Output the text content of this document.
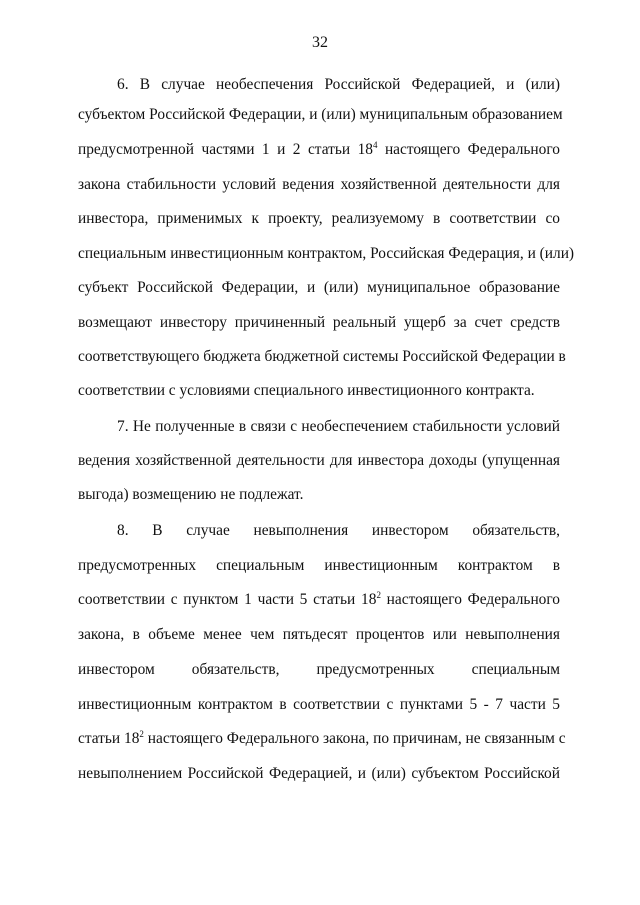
32
6. В случае необеспечения Российской Федерацией, и (или)
субъектом Российской Федерации, и (или) муниципальным образованием
предусмотренной частями 1 и 2 статьи $18^4$ настоящего Федерального
закона стабильности условий ведения хозяйственной деятельности для
инвестора, применимых к проекту, реализуемому в соответствии со
специальным инвестиционным контрактом, Российская Федерация, и (или)
субъект Российской Федерации, и (или) муниципальное образование
возмещают инвестору причиненный реальный ущерб за счет средств
соответствующего бюджета бюджетной системы Российской Федерации в
соответствии с условиями специального инвестиционного контракта.
7. Не полученные в связи с необеспечением стабильности условий
ведения хозяйственной деятельности для инвестора доходы (упущенная
выгода) возмещению не подлежат.
8. В случае невыполнения инвестором обязательств,
предусмотренных специальным инвестиционным контрактом в
соответствии с пунктом 1 части 5 статьи $18^2$ настоящего Федерального
закона, в объеме менее чем пятьдесят процентов или невыполнения
инвестором обязательств, предусмотренных специальным
инвестиционным контрактом в соответствии с пунктами 5 - 7 части 5
статьи $18^2$ настоящего Федерального закона, по причинам, не связанным с
невыполнением Российской Федерацией, и (или) субъектом Российской
